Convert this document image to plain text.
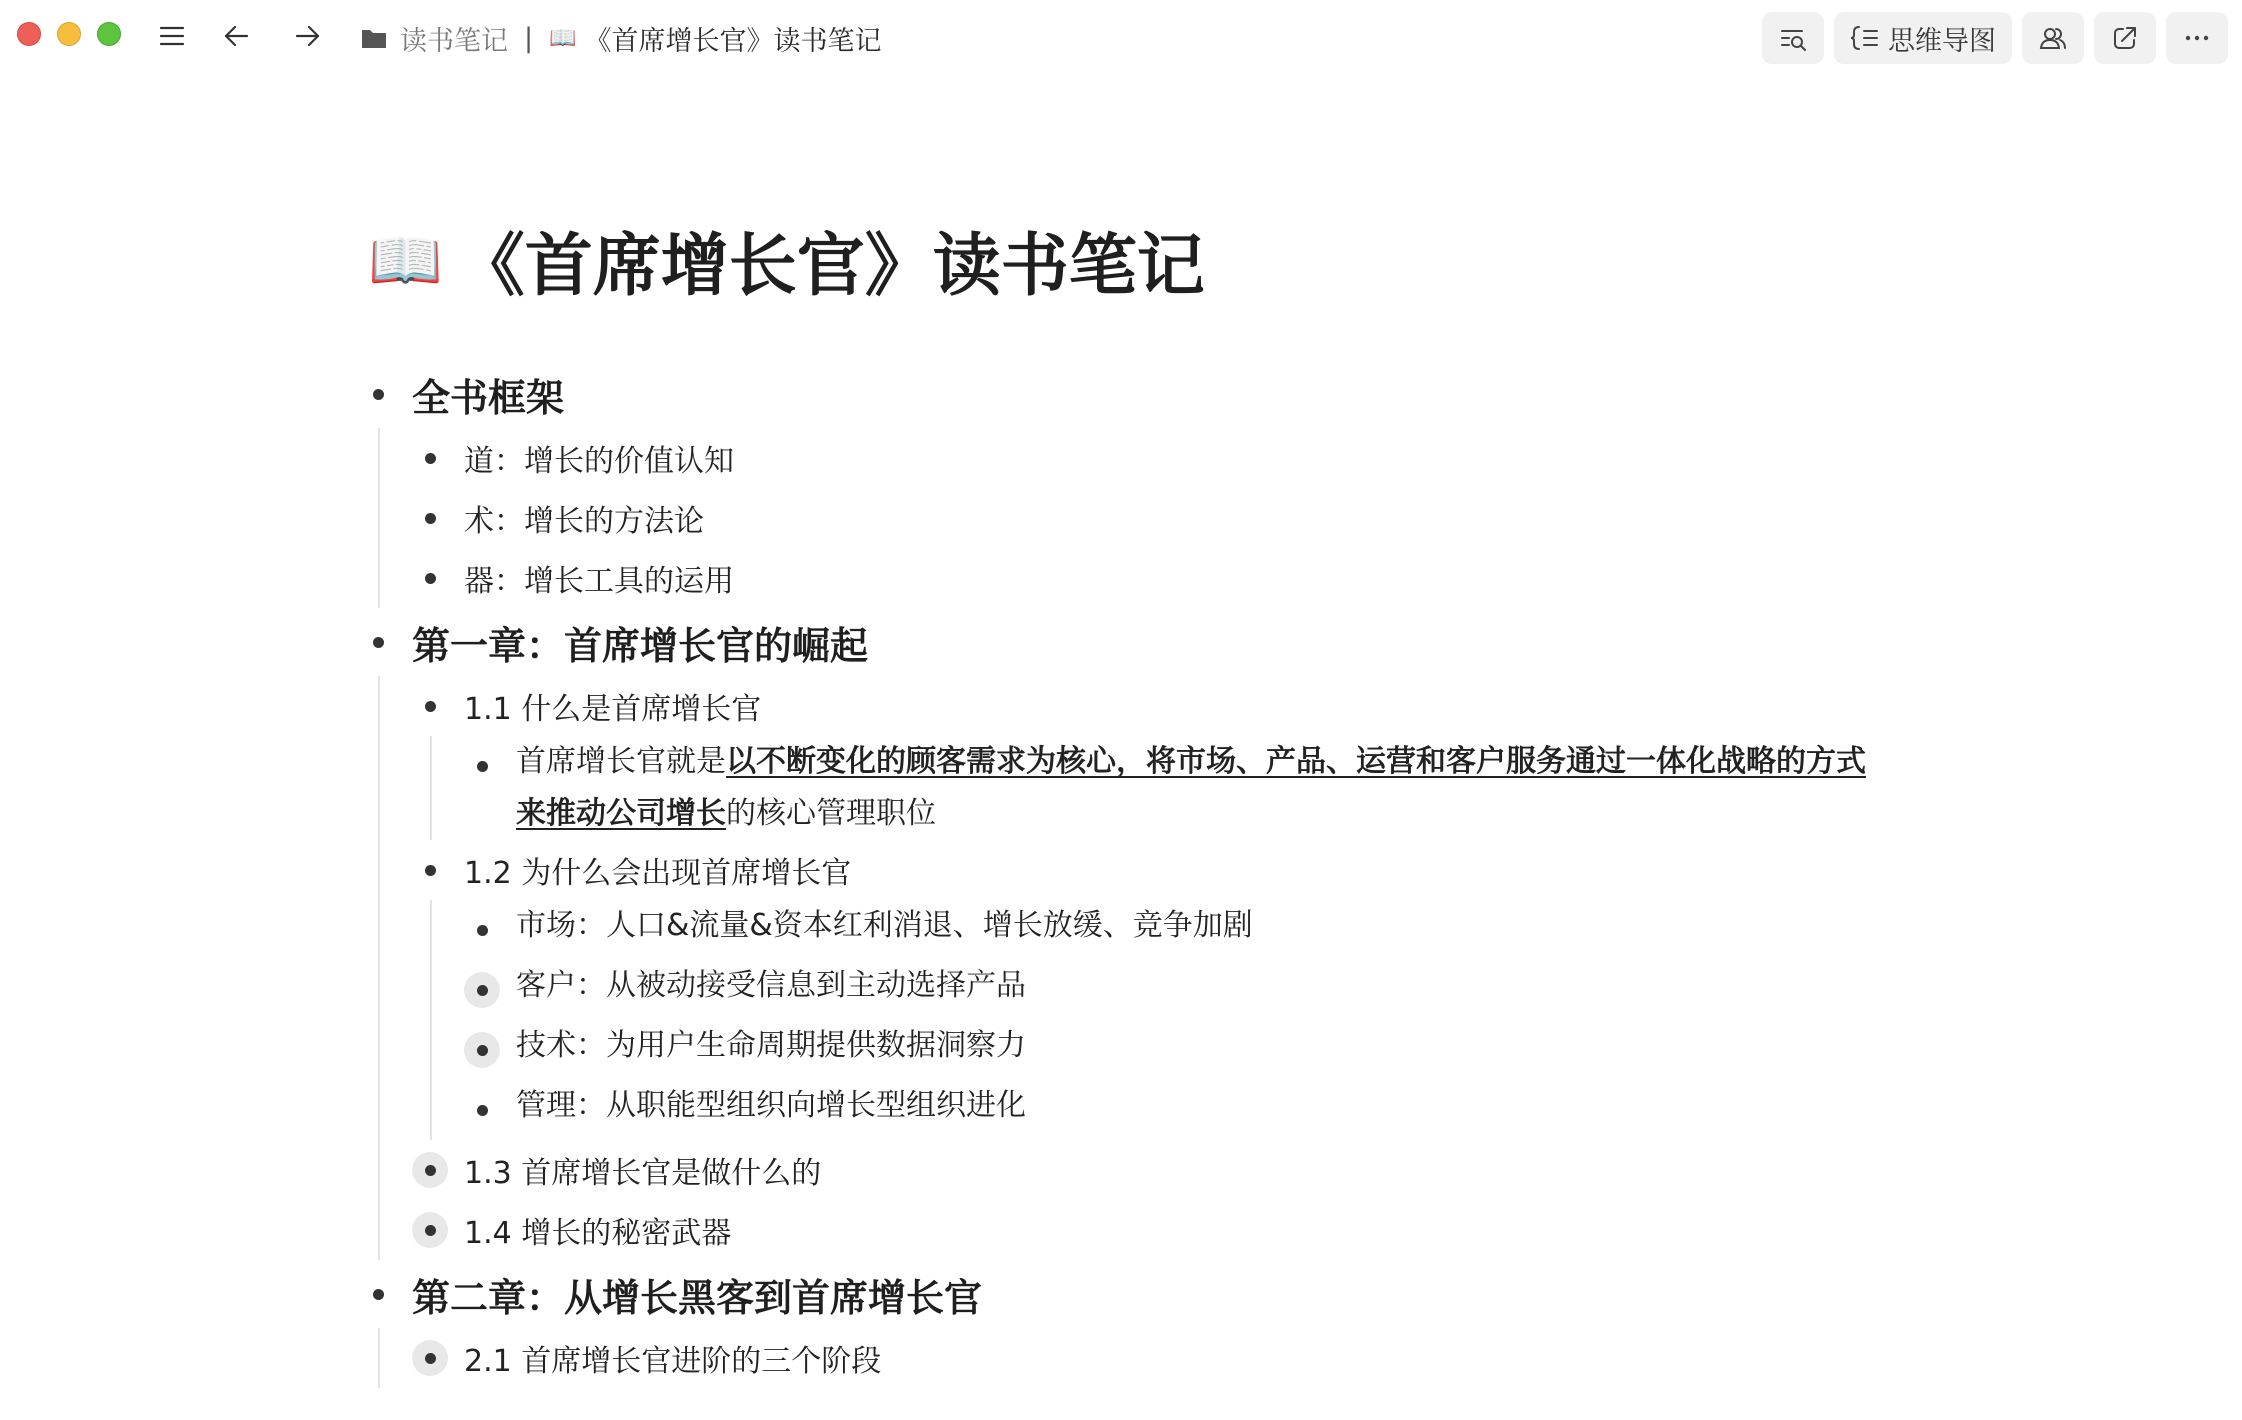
读书笔记 | 📖 《首席增长官》读书笔记	思维导图
📖 《首席增长官》读书笔记
全书框架
道：增长的价值认知
术：增长的方法论
器：增长工具的运用
第一章：首席增长官的崛起
1.1 什么是首席增长官
首席增长官就是以不断变化的顾客需求为核心，将市场、产品、运营和客户服务通过一体化战略的方式来推动公司增长的核心管理职位
1.2 为什么会出现首席增长官
市场：人口&流量&资本红利消退、增长放缓、竞争加剧
客户：从被动接受信息到主动选择产品
技术：为用户生命周期提供数据洞察力
管理：从职能型组织向增长型组织进化
1.3 首席增长官是做什么的
1.4 增长的秘密武器
第二章：从增长黑客到首席增长官
2.1 首席增长官进阶的三个阶段
